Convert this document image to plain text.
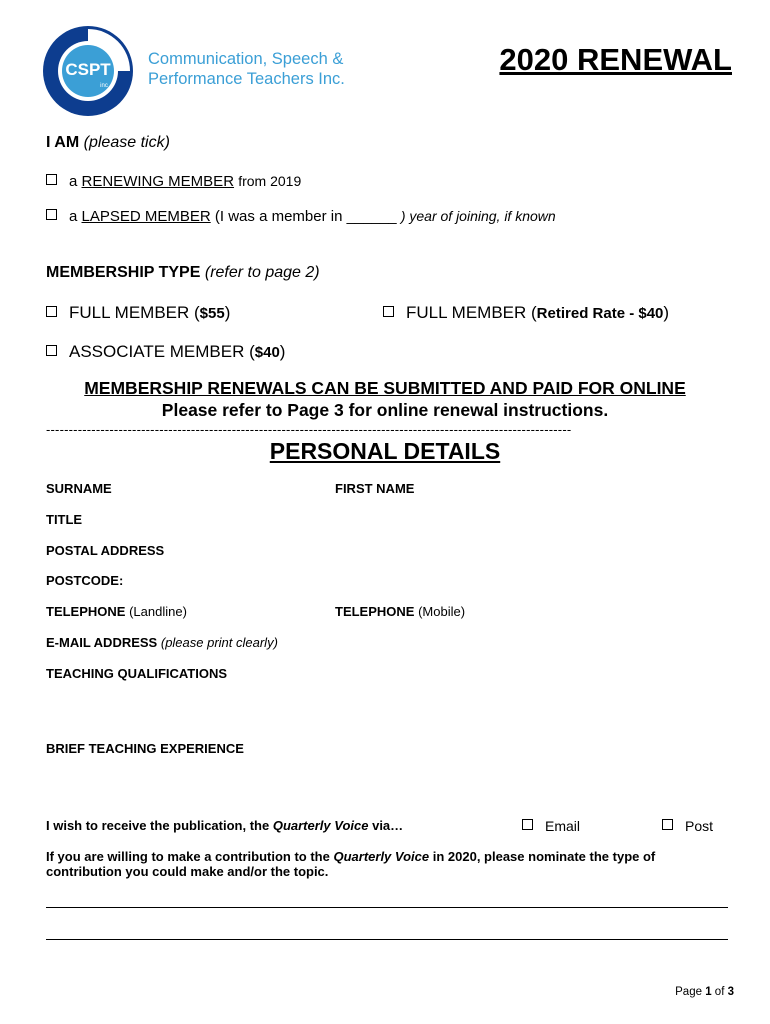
CSPT
inc
Communication, Speech &
Performance Teachers Inc.
2020 RENEWAL
I AM (please tick)
a RENEWING MEMBER from 2019
a LAPSED MEMBER (I was a member in ______ ) year of joining, if known
MEMBERSHIP TYPE (refer to page 2)
FULL MEMBER ($55)	FULL MEMBER (Retired Rate - $40)
ASSOCIATE MEMBER ($40)
MEMBERSHIP RENEWALS CAN BE SUBMITTED AND PAID FOR ONLINE
Please refer to Page 3 for online renewal instructions.
--------------------------------------------------------------------------------------------------------------------
PERSONAL DETAILS
SURNAME	FIRST NAME
TITLE
POSTAL ADDRESS
POSTCODE:
TELEPHONE (Landline)	TELEPHONE (Mobile)
E-MAIL ADDRESS (please print clearly)
TEACHING QUALIFICATIONS
BRIEF TEACHING EXPERIENCE
I wish to receive the publication, the Quarterly Voice via…	Email	Post
If you are willing to make a contribution to the Quarterly Voice in 2020, please nominate the type of
contribution you could make and/or the topic.
Page 1 of 3
